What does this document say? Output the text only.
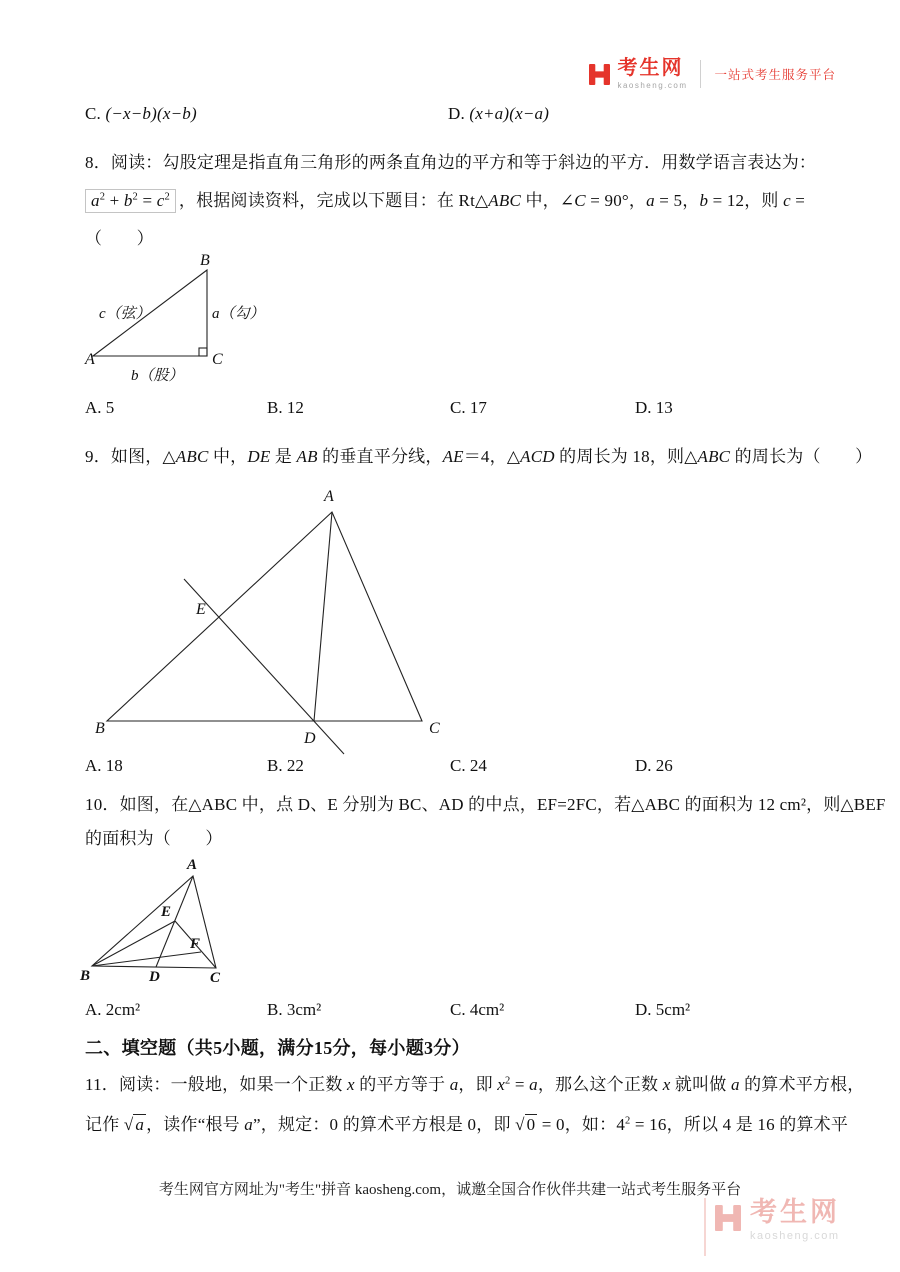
考生网
kaosheng.com
一站式考生服务平台
C. (−x−b)(x−b)	D. (x+a)(x−a)
8．阅读：勾股定理是指直角三角形的两条直角边的平方和等于斜边的平方．用数学语言表达为：
$a^2 + b^2 = c^2$ ，根据阅读资料，完成以下题目：在 Rt△ABC 中，∠C = 90°，a = 5，b = 12，则 c =
（　　）
B
A	C
c（弦）	a（勾）
b（股）
A. 5	B. 12	C. 17	D. 13
9．如图，△ABC 中，DE 是 AB 的垂直平分线，AE＝4，△ACD 的周长为 18，则△ABC 的周长为（　　）
A
B	C
D
E
A. 18	B. 22	C. 24	D. 26
10．如图，在△ABC 中，点 D、E 分别为 BC、AD 的中点，EF=2FC，若△ABC 的面积为 12 cm²，则△BEF
的面积为（　　）
A
B	C
D
E
F
A. 2cm²	B. 3cm²	C. 4cm²	D. 5cm²
二、填空题（共5小题，满分15分，每小题3分）
11．阅读：一般地，如果一个正数 x 的平方等于 a，即 $x^2 = a$，那么这个正数 x 就叫做 a 的算术平方根，
记作 √ a ，读作“根号 a”，规定：0 的算术平方根是 0，即 √ 0 = 0，如：$4^2 = 16$，所以 4 是 16 的算术平
考生网官方网址为"考生"拼音 kaosheng.com，诚邀全国合作伙伴共建一站式考生服务平台
考生网
kaosheng.com
